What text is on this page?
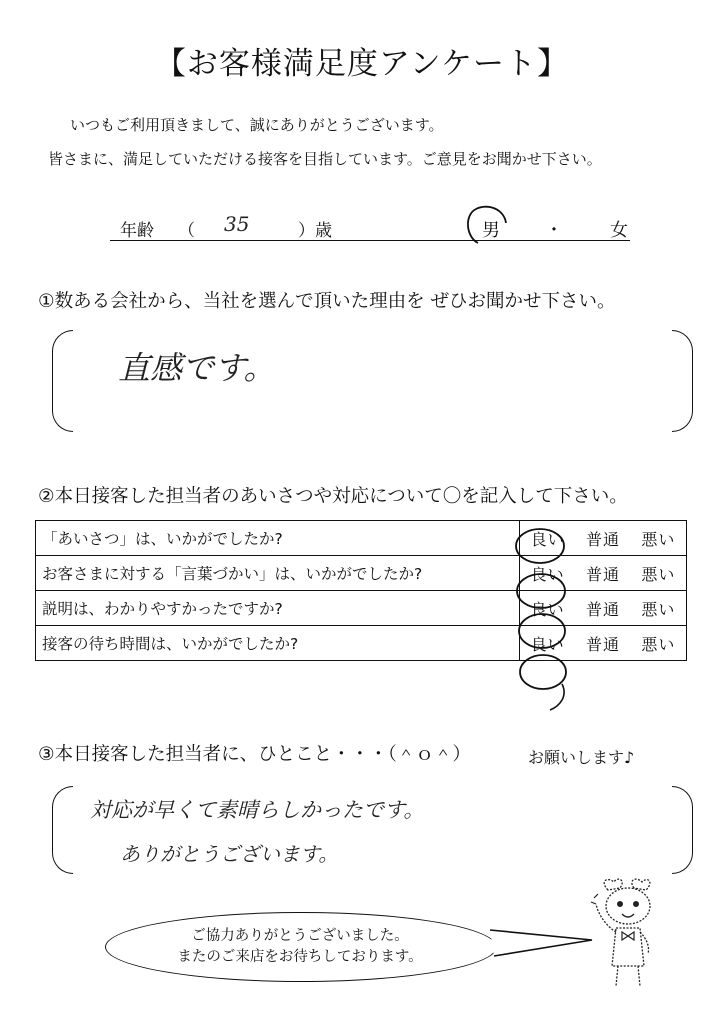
【お客様満足度アンケート】
いつもご利用頂きまして、誠にありがとうございます。
皆さまに、満足していただける接客を目指しています。ご意見をお聞かせ下さい。
年齢 （ 35	）歳	男	・	女
①数ある会社から、当社を選んで頂いた理由を ぜひお聞かせ下さい。
直感です。
②本日接客した担当者のあいさつや対応について〇を記入して下さい。
「あいさつ」は、いかがでしたか?	良い 普通 悪い

お客さまに対する「言葉づかい」は、いかがでしたか?	良い 普通 悪い

説明は、わかりやすかったですか?	良い 普通 悪い

接客の待ち時間は、いかがでしたか?	良い 普通 悪い
③本日接客した担当者に、ひとこと・・・（＾ｏ＾）	お願いします♪
対応が早くて素晴らしかったです。
ありがとうございます。
ご協力ありがとうございました。
またのご来店をお待ちしております。
